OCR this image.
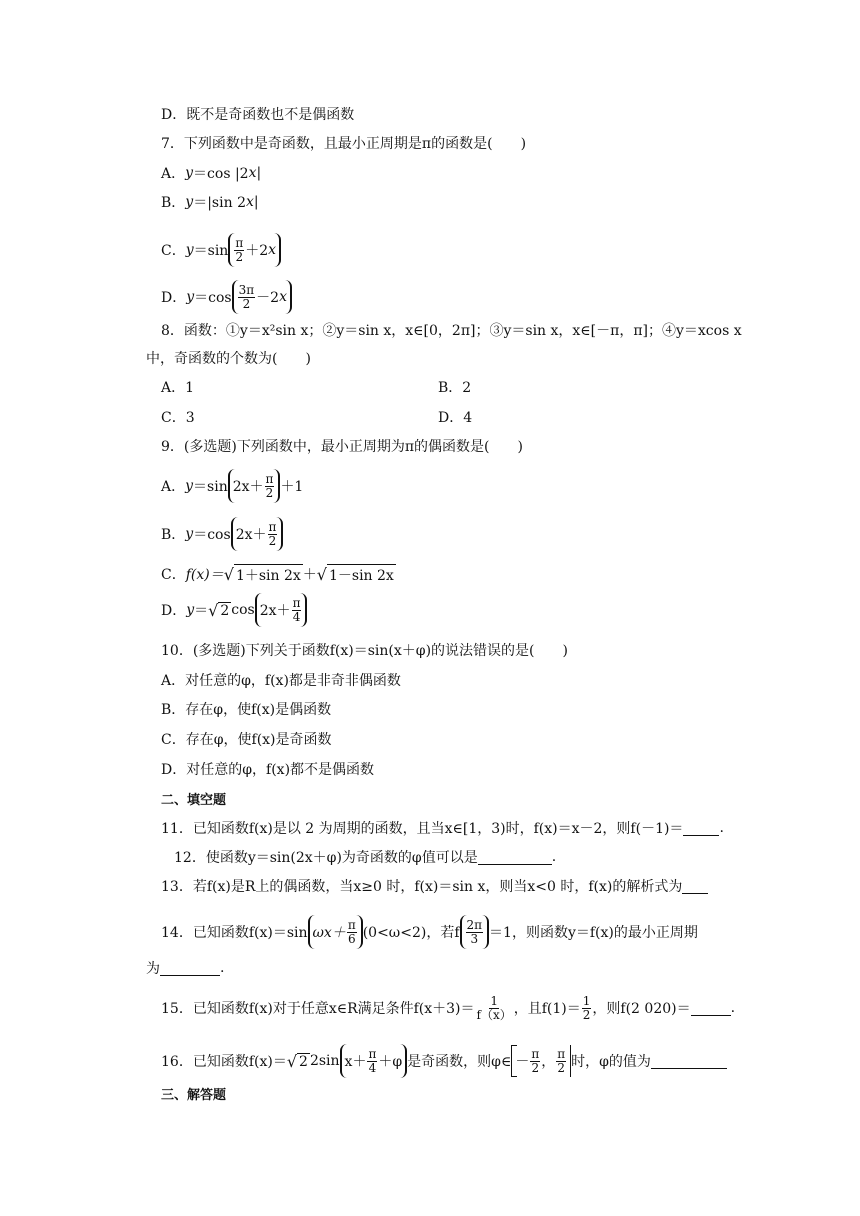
D．既不是奇函数也不是偶函数
7．下列函数中是奇函数，且最小正周期是π的函数是(　　)
A． y ＝cos |2 x |
B． y ＝|sin 2 x |
C． $y =\sin \frac{\pi}{2} +2$ x
D． $y =\cos \frac{3\pi}{2} -2$ x
8．函数：①y＝x²sin x；②y＝sin x，x∈[0，2π]；③y＝sin x，x∈[－π，π]；④y＝xcos x
中，奇函数的个数为(　　)
A．1	B．2
C．3	D．4
9．(多选题)下列函数中，最小正周期为π的偶函数是(　　)
A． y ＝sin $2x+ \frac{\pi}{2} +1$
B． y ＝cos $2x+ \frac{\pi}{2}$
C． f(x)＝ √ 1＋sin 2x ＋ √ 1－sin 2x
D． y ＝ √ 2 $\cos 2x+ \frac{\pi}{4}$
10．(多选题)下列关于函数f(x)＝sin(x＋φ)的说法错误的是(　　)
A．对任意的φ，f(x)都是非奇非偶函数
B．存在φ，使f(x)是偶函数
C．存在φ，使f(x)是奇函数
D．对任意的φ，f(x)都不是偶函数
二、填空题
11．已知函数f(x)是以 2 为周期的函数，且当x∈[1，3)时，f(x)＝x－2，则f(－1)＝	.
12．使函数y＝sin(2x＋φ)为奇函数的φ值可以是	.
13．若f(x)是R上的偶函数，当x≥0 时，f(x)＝sin x，则当x<0 时，f(x)的解析式为
14．已知函数f(x)＝sin $\omega x+ \frac{\pi}{6} (0<\omega<2)$，若f $\frac{2\pi}{3} =1$，则函数y＝f(x)的最小正周期
为	.
15．已知函数f(x)对于任意x∈R满足条件$f(x+3)= \frac{1}{f(x)}$ ，且$f(1)= \frac{1}{2}$ ，则f(2 020)＝	.
16．已知函数f(x)＝ √ 2 2sin $x+ \frac{\pi}{4} +\varphi$ 是奇函数，则φ∈ － $\frac{\pi}{2}$ ， $\frac{\pi}{2}$ 时，φ的值为
三、解答题
